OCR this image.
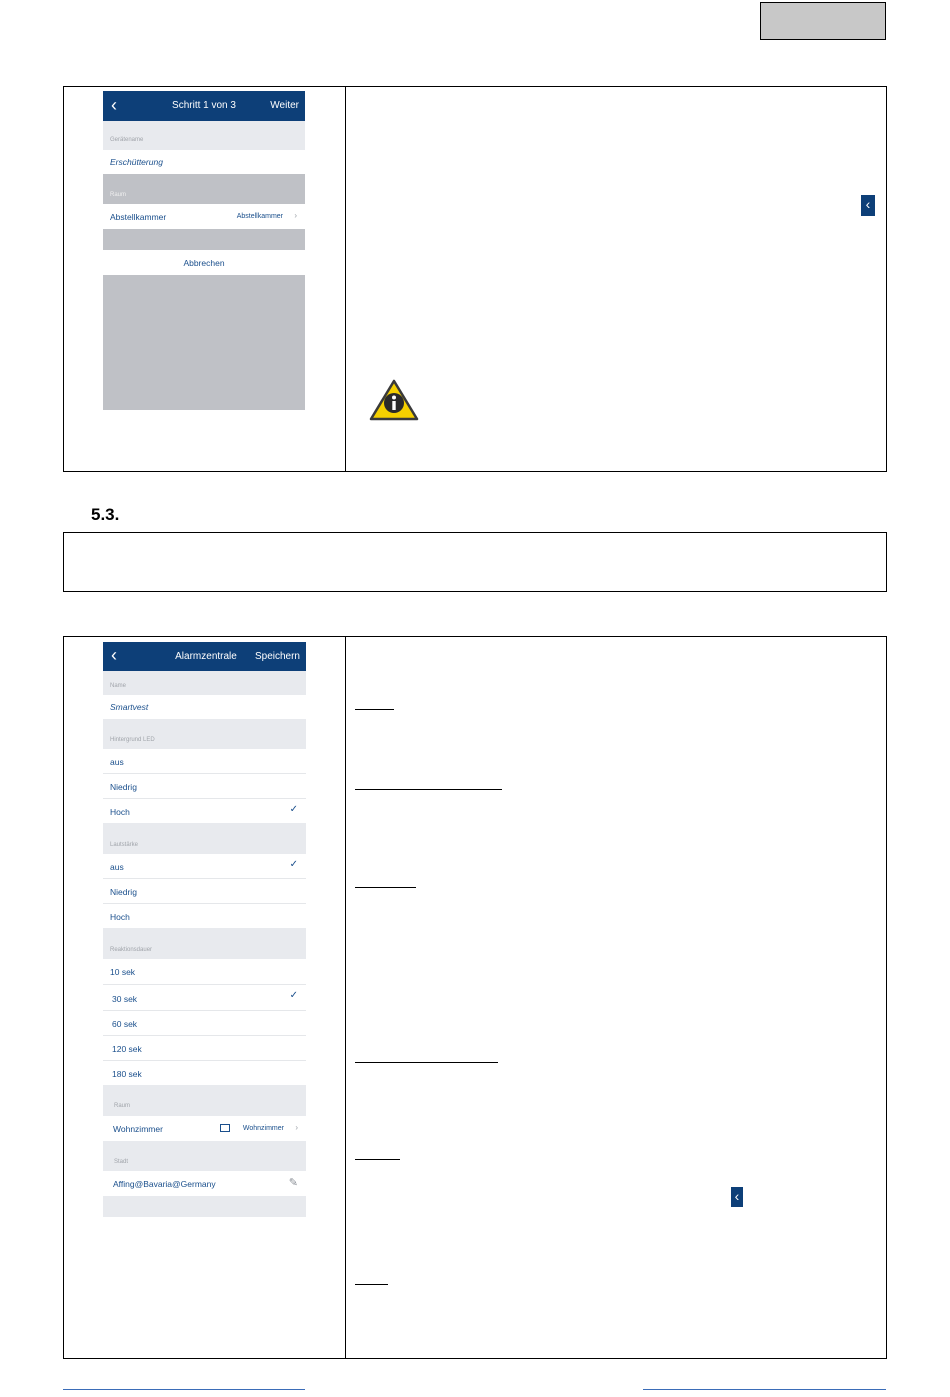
‹	Schritt 1 von 3	Weiter
Gerätename
Erschütterung
Raum
Abstellkammer	Abstellkammer ›
Abbrechen
‹
5.3.
‹	Alarmzentrale	Speichern
Name
Smartvest
Hintergrund LED
aus
Niedrig
Hoch	✓
Lautstärke
aus	✓
Niedrig
Hoch
Reaktionsdauer
10 sek
30 sek	✓
60 sek
120 sek
180 sek
Raum
Wohnzimmer	Wohnzimmer ›
Stadt
Affing@Bavaria@Germany	✎
‹
